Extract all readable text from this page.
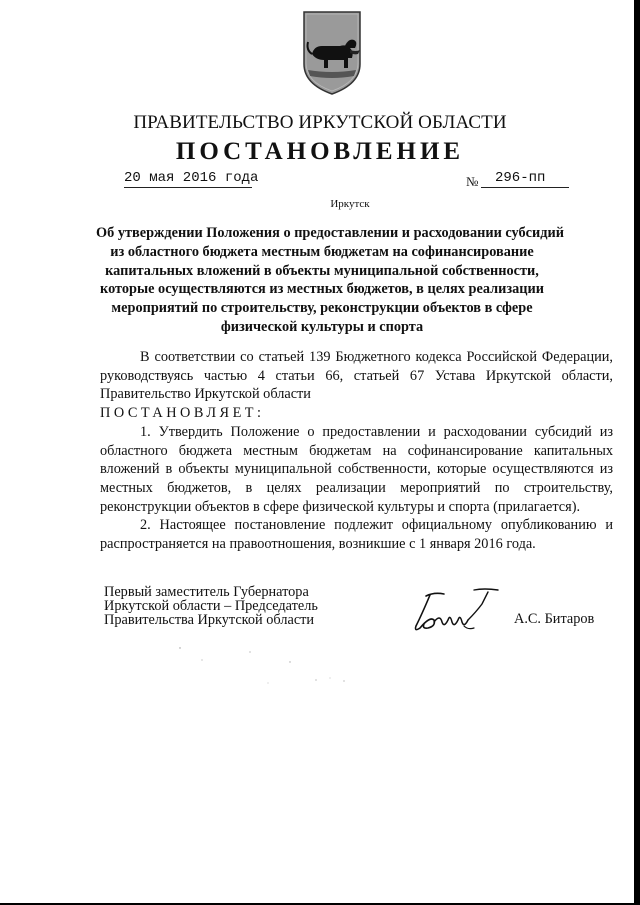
ПРАВИТЕЛЬСТВО ИРКУТСКОЙ ОБЛАСТИ
ПОСТАНОВЛЕНИЕ
20 мая 2016 года	№	296-пп
Иркутск
Об утверждении Положения о предоставлении и расходовании субсидий
из областного бюджета местным бюджетам на софинансирование
капитальных вложений в объекты муниципальной собственности,
которые осуществляются из местных бюджетов, в целях реализации
мероприятий по строительству, реконструкции объектов в сфере
физической культуры и спорта

В соответствии со статьей 139 Бюджетного кодекса Российской Федерации, руководствуясь частью 4 статьи 66, статьей 67 Устава Иркутской области, Правительство Иркутской области

ПОСТАНОВЛЯЕТ:

1. Утвердить Положение о предоставлении и расходовании субсидий из областного бюджета местным бюджетам на софинансирование капитальных вложений в объекты муниципальной собственности, которые осуществляются из местных бюджетов, в целях реализации мероприятий по строительству, реконструкции объектов в сфере физической культуры и спорта (прилагается).

2. Настоящее постановление подлежит официальному опубликованию и распространяется на правоотношения, возникшие с 1 января 2016 года.

Первый заместитель Губернатора
Иркутской области – Председатель
Правительства Иркутской области	А.С. Битаров
